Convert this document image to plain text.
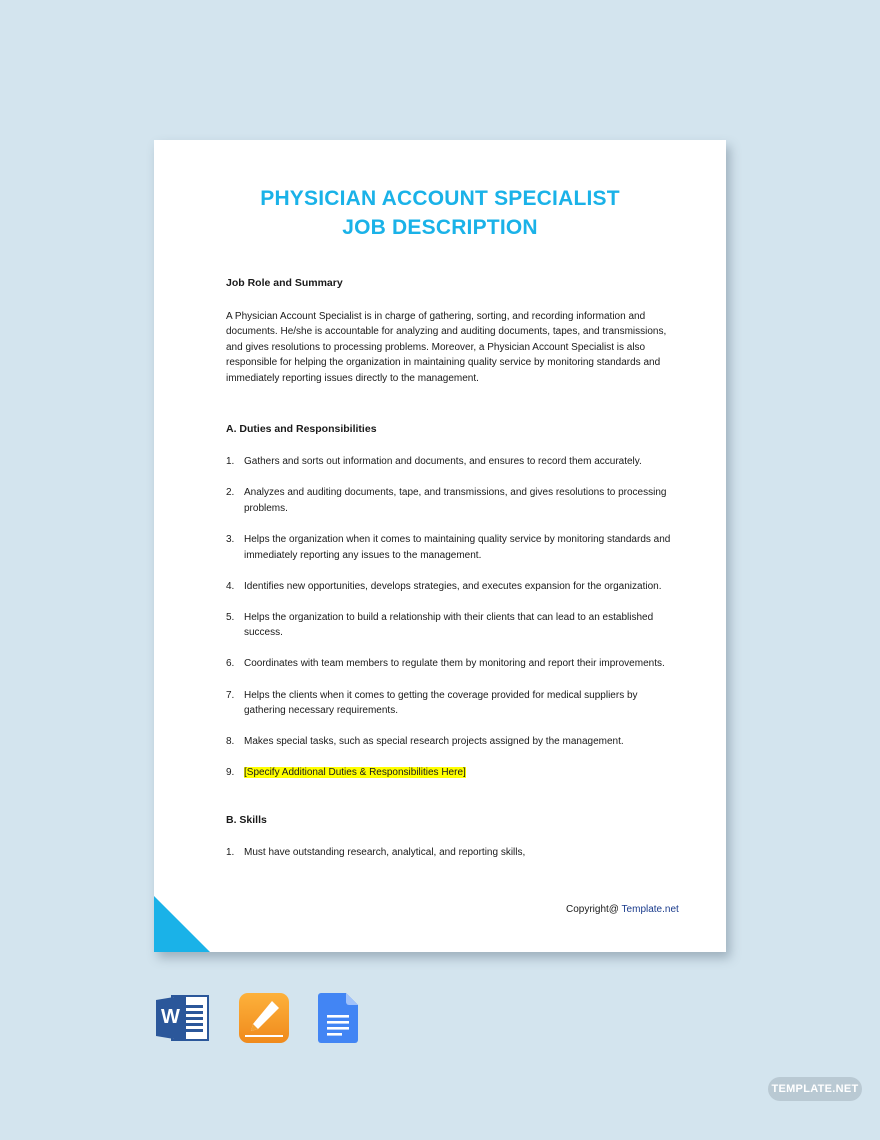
PHYSICIAN ACCOUNT SPECIALIST
JOB DESCRIPTION
Job Role and Summary

A Physician Account Specialist is in charge of gathering, sorting, and recording information and documents. He/she is accountable for analyzing and auditing documents, tapes, and transmissions, and gives resolutions to processing problems. Moreover, a Physician Account Specialist is also responsible for helping the organization in maintaining quality service by monitoring standards and immediately reporting issues directly to the management.

A. Duties and Responsibilities
1. Gathers and sorts out information and documents, and ensures to record them accurately.
2. Analyzes and auditing documents, tape, and transmissions, and gives resolutions to processing problems.
3. Helps the organization when it comes to maintaining quality service by monitoring standards and immediately reporting any issues to the management.
4. Identifies new opportunities, develops strategies, and executes expansion for the organization.
5. Helps the organization to build a relationship with their clients that can lead to an established success.
6. Coordinates with team members to regulate them by monitoring and report their improvements.
7. Helps the clients when it comes to getting the coverage provided for medical suppliers by gathering necessary requirements.
8. Makes special tasks, such as special research projects assigned by the management.
9. [Specify Additional Duties & Responsibilities Here]
B. Skills
1. Must have outstanding research, analytical, and reporting skills,
Copyright@ Template.net
W
TEMPLATE.NET
